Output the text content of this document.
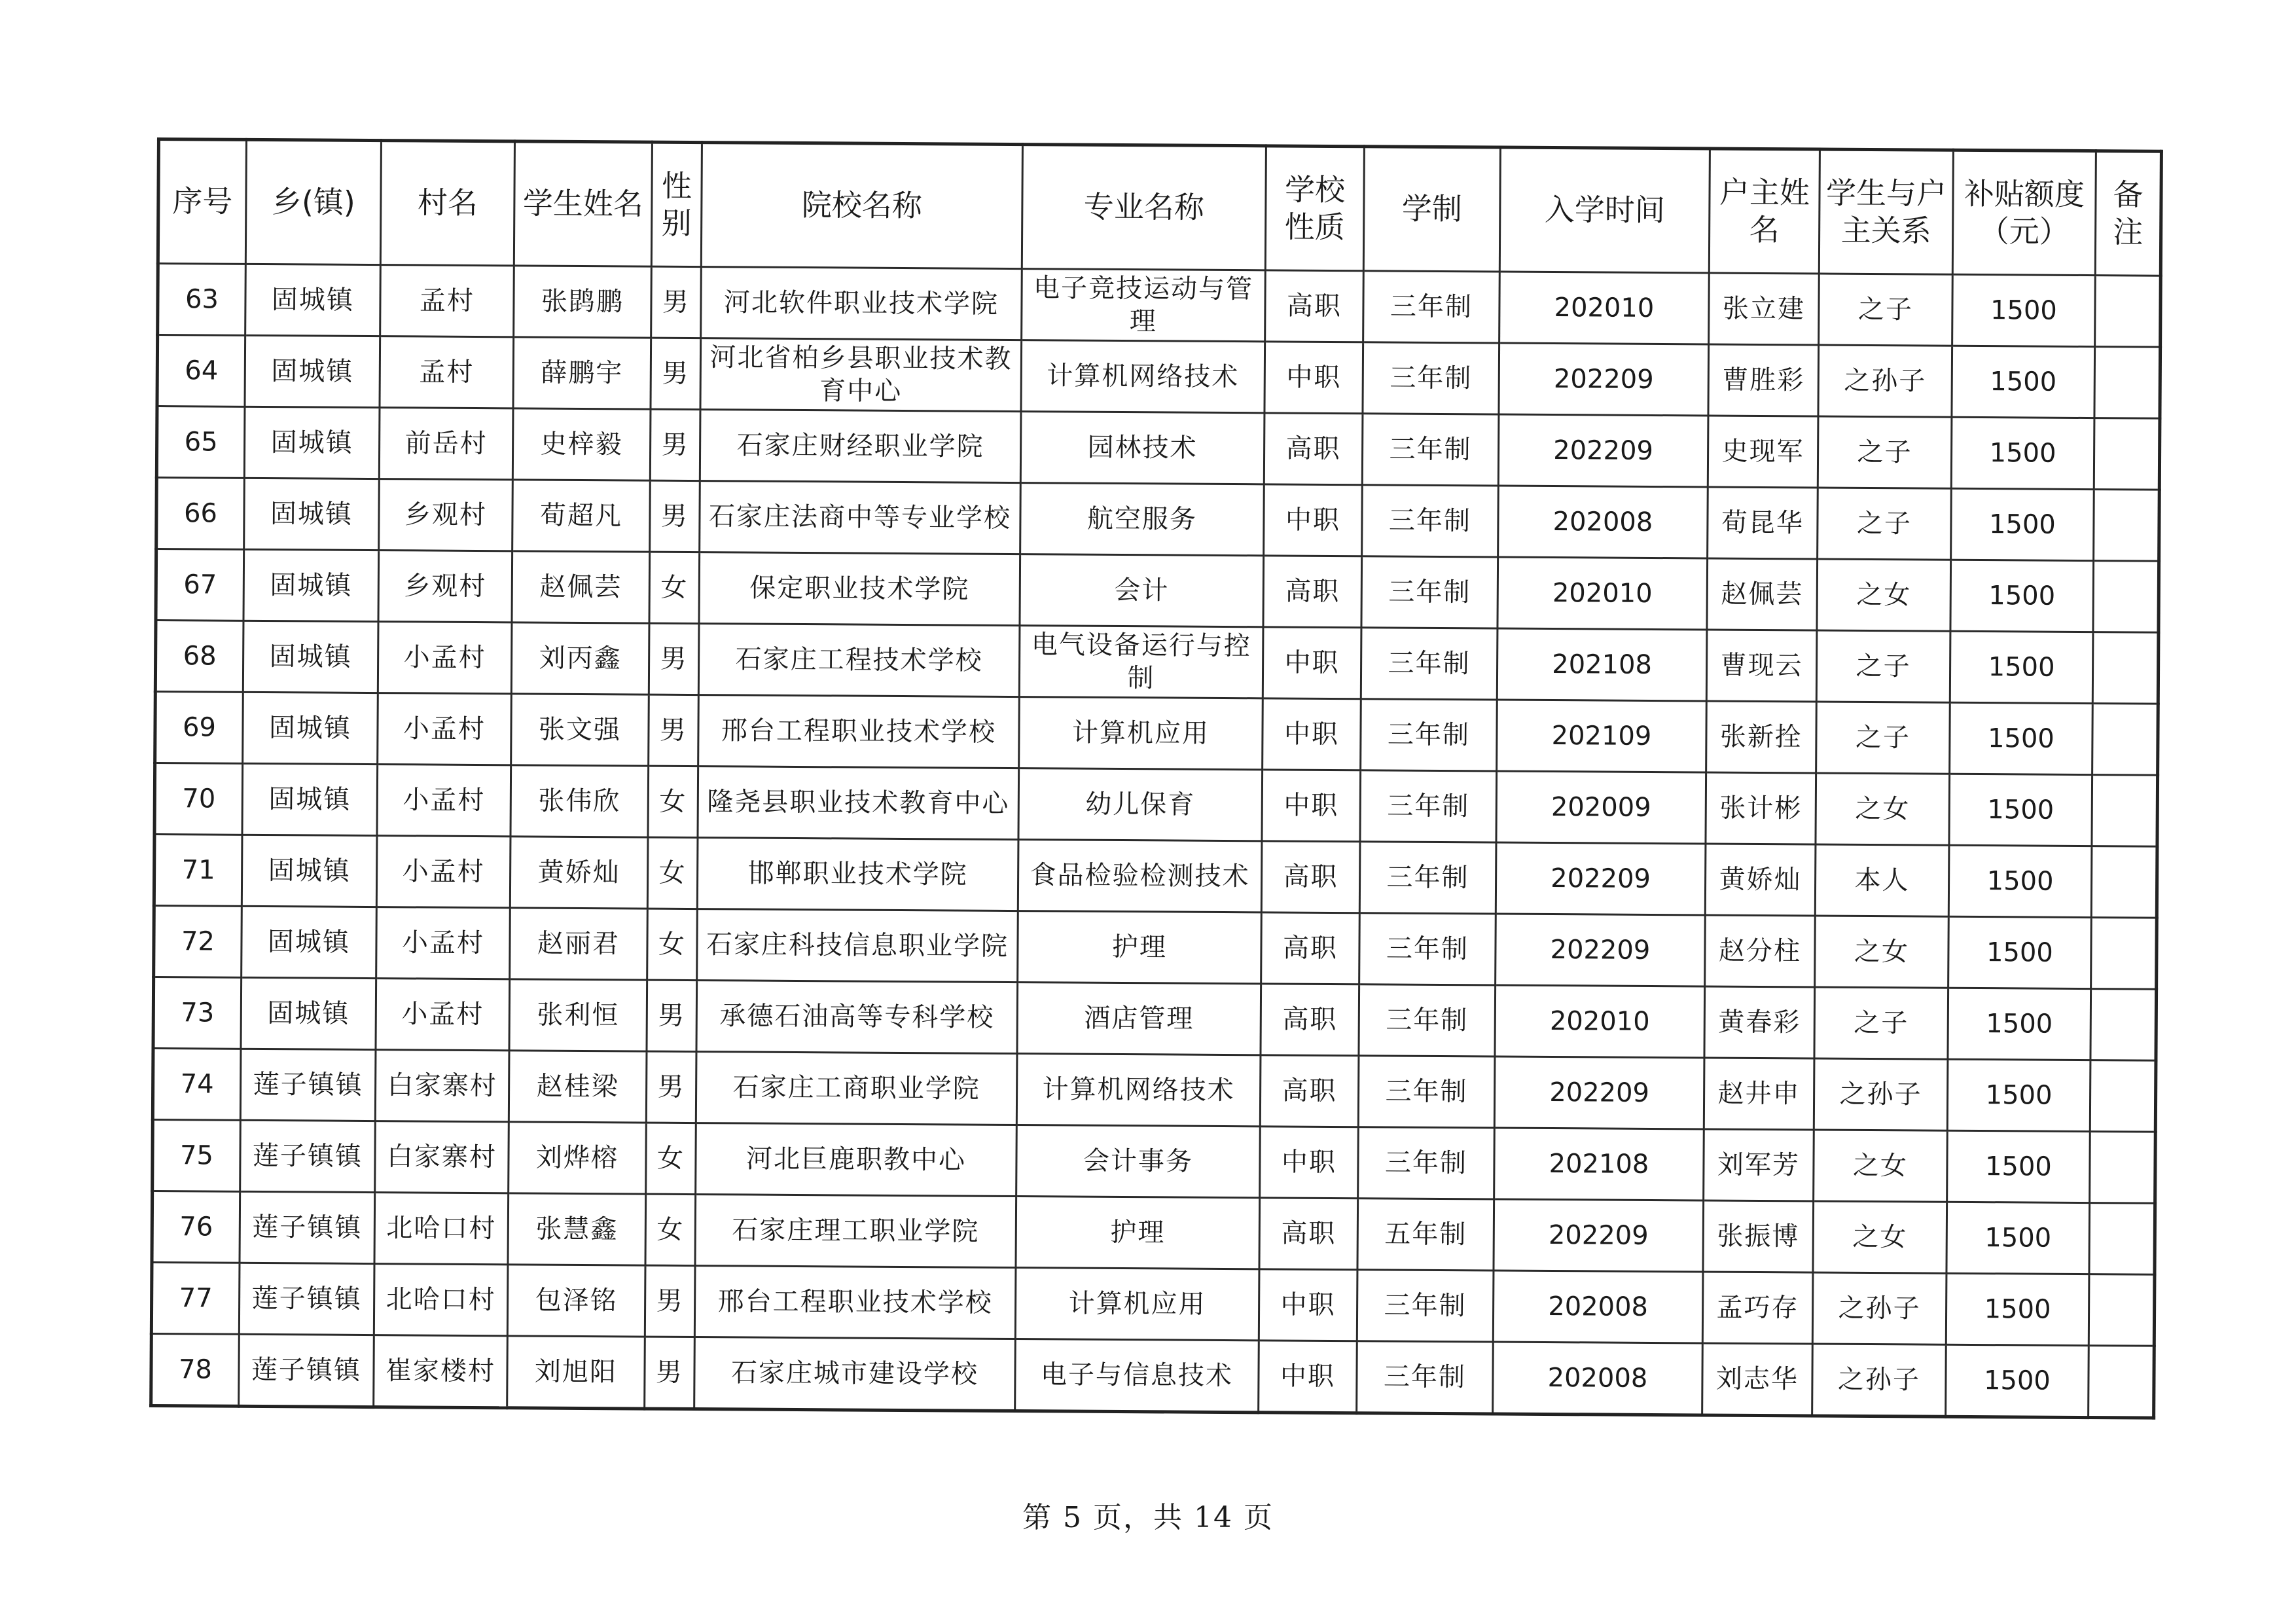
序号	乡(镇)	村名	学生姓名	性别	院校名称	专业名称	学校性质	学制	入学时间	户主姓名	学生与户主关系	补贴额度（元）	备注
63	固城镇	孟村	张鹍鹏	男	河北软件职业技术学院	电子竞技运动与管理	高职	三年制	202010	张立建	之子	1500	
64	固城镇	孟村	薛鹏宇	男	河北省柏乡县职业技术教育中心	计算机网络技术	中职	三年制	202209	曹胜彩	之孙子	1500	
65	固城镇	前岳村	史梓毅	男	石家庄财经职业学院	园林技术	高职	三年制	202209	史现军	之子	1500	
66	固城镇	乡观村	荀超凡	男	石家庄法商中等专业学校	航空服务	中职	三年制	202008	荀昆华	之子	1500	
67	固城镇	乡观村	赵佩芸	女	保定职业技术学院	会计	高职	三年制	202010	赵佩芸	之女	1500	
68	固城镇	小孟村	刘丙鑫	男	石家庄工程技术学校	电气设备运行与控制	中职	三年制	202108	曹现云	之子	1500	
69	固城镇	小孟村	张文强	男	邢台工程职业技术学校	计算机应用	中职	三年制	202109	张新拴	之子	1500	
70	固城镇	小孟村	张伟欣	女	隆尧县职业技术教育中心	幼儿保育	中职	三年制	202009	张计彬	之女	1500	
71	固城镇	小孟村	黄娇灿	女	邯郸职业技术学院	食品检验检测技术	高职	三年制	202209	黄娇灿	本人	1500	
72	固城镇	小孟村	赵丽君	女	石家庄科技信息职业学院	护理	高职	三年制	202209	赵分柱	之女	1500	
73	固城镇	小孟村	张利恒	男	承德石油高等专科学校	酒店管理	高职	三年制	202010	黄春彩	之子	1500	
74	莲子镇镇	白家寨村	赵桂梁	男	石家庄工商职业学院	计算机网络技术	高职	三年制	202209	赵井申	之孙子	1500	
75	莲子镇镇	白家寨村	刘烨榕	女	河北巨鹿职教中心	会计事务	中职	三年制	202108	刘军芳	之女	1500	
76	莲子镇镇	北哈口村	张慧鑫	女	石家庄理工职业学院	护理	高职	五年制	202209	张振博	之女	1500	
77	莲子镇镇	北哈口村	包泽铭	男	邢台工程职业技术学校	计算机应用	中职	三年制	202008	孟巧存	之孙子	1500	
78	莲子镇镇	崔家楼村	刘旭阳	男	石家庄城市建设学校	电子与信息技术	中职	三年制	202008	刘志华	之孙子	1500	
第 5 页，共 14 页
